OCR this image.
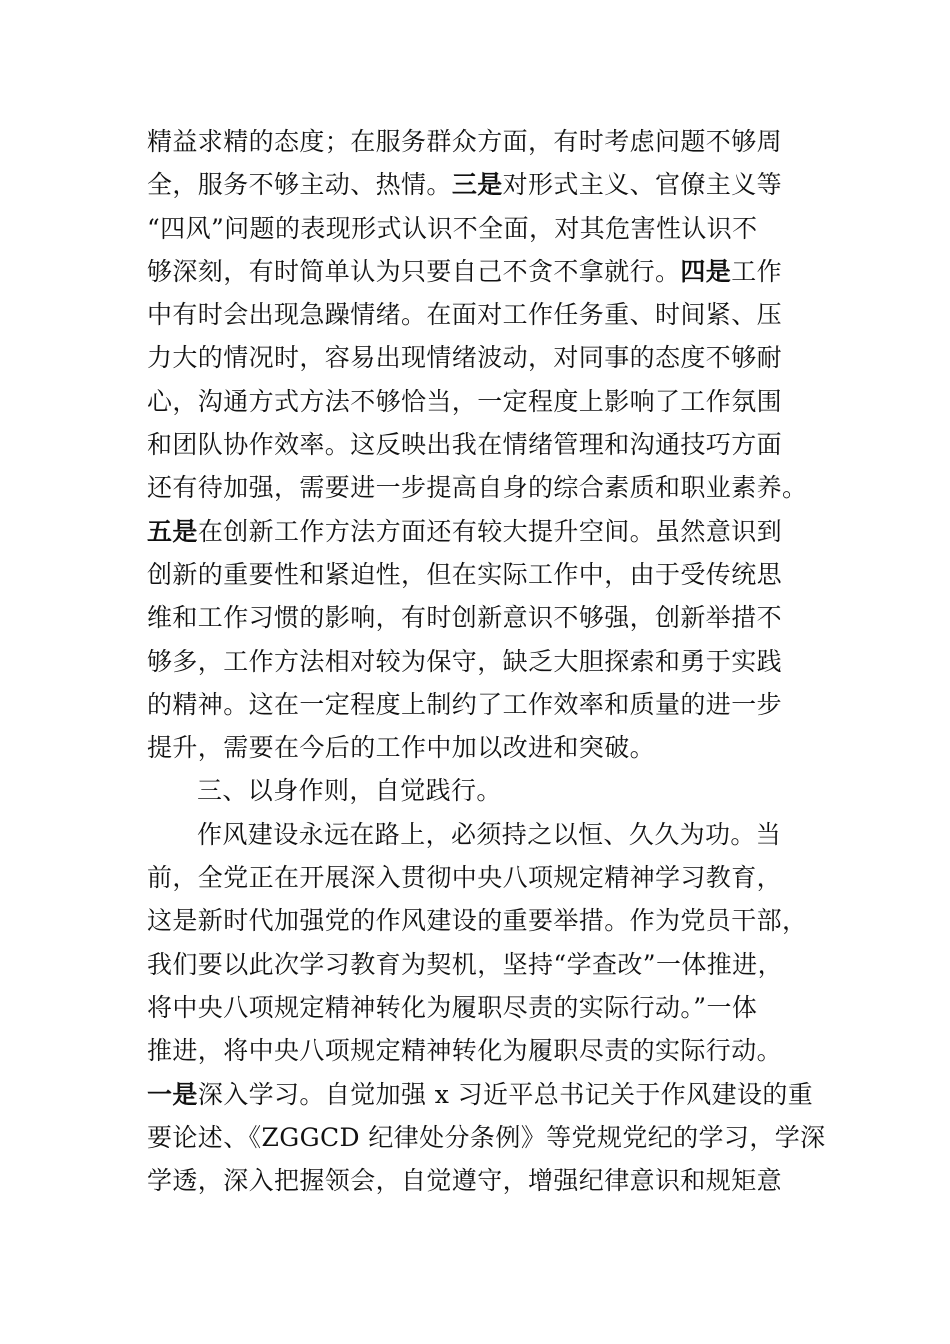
精益求精的态度；在服务群众方面，有时考虑问题不够周
全，服务不够主动、热情。三是对形式主义、官僚主义等
“四风”问题的表现形式认识不全面，对其危害性认识不
够深刻，有时简单认为只要自己不贪不拿就行。四是工作
中有时会出现急躁情绪。在面对工作任务重、时间紧、压
力大的情况时，容易出现情绪波动，对同事的态度不够耐
心，沟通方式方法不够恰当，一定程度上影响了工作氛围
和团队协作效率。这反映出我在情绪管理和沟通技巧方面
还有待加强，需要进一步提高自身的综合素质和职业素养。
五是在创新工作方法方面还有较大提升空间。虽然意识到
创新的重要性和紧迫性，但在实际工作中，由于受传统思
维和工作习惯的影响，有时创新意识不够强，创新举措不
够多，工作方法相对较为保守，缺乏大胆探索和勇于实践
的精神。这在一定程度上制约了工作效率和质量的进一步
提升，需要在今后的工作中加以改进和突破。
三、以身作则，自觉践行。
作风建设永远在路上，必须持之以恒、久久为功。当
前，全党正在开展深入贯彻中央八项规定精神学习教育，
这是新时代加强党的作风建设的重要举措。作为党员干部，
我们要以此次学习教育为契机，坚持“学查改”一体推进，
将中央八项规定精神转化为履职尽责的实际行动。”一体
推进，将中央八项规定精神转化为履职尽责的实际行动。
一是深入学习。自觉加强 x 习近平总书记关于作风建设的重
要论述、《ZGGCD 纪律处分条例》等党规党纪的学习，学深
学透，深入把握领会，自觉遵守，增强纪律意识和规矩意
